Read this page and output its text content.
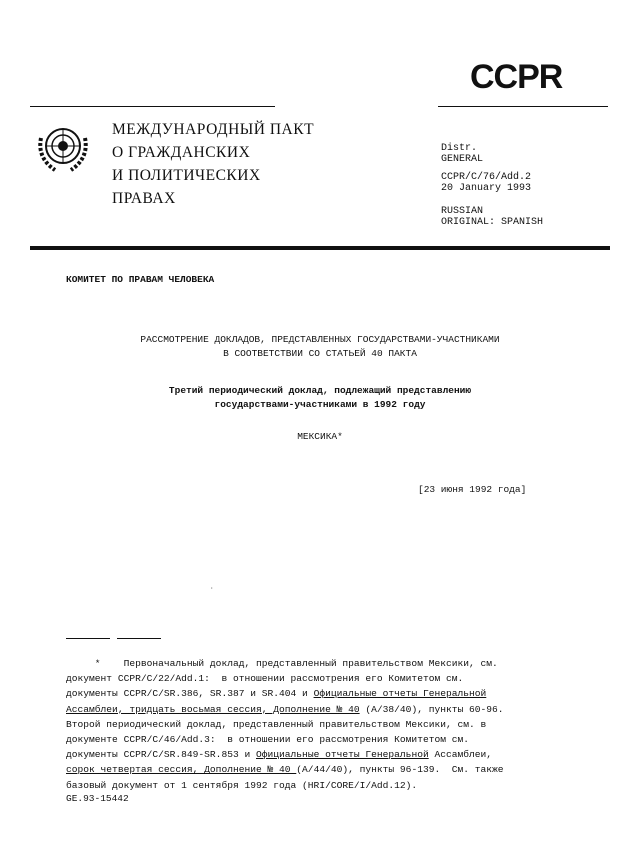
CCPR
МЕЖДУНАРОДНЫЙ ПАКТ
О ГРАЖДАНСКИХ
И ПОЛИТИЧЕСКИХ
ПРАВАХ
Distr.
GENERAL
CCPR/C/76/Add.2
20 January 1993
RUSSIAN
ORIGINAL: SPANISH
КОМИТЕТ ПО ПРАВАМ ЧЕЛОВЕКА
РАССМОТРЕНИЕ ДОКЛАДОВ, ПРЕДСТАВЛЕННЫХ ГОСУДАРСТВАМИ-УЧАСТНИКАМИ
В СООТВЕТСТВИИ СО СТАТЬЕЙ 40 ПАКТА
Третий периодический доклад, подлежащий представлению
государствами-участниками в 1992 году
МЕКСИКА*
[23 июня 1992 года]
·
*    Первоначальный доклад, представленный правительством Мексики, см.
документ CCPR/C/22/Add.1:  в отношении рассмотрения его Комитетом см.
документы CCPR/C/SR.386, SR.387 и SR.404 и Официальные отчеты Генеральной
Ассамблеи, тридцать восьмая сессия, Дополнение № 40 (A/38/40), пункты 60-96.
Второй периодический доклад, представленный правительством Мексики, см. в
документе CCPR/C/46/Add.3:  в отношении его рассмотрения Комитетом см.
документы CCPR/C/SR.849-SR.853 и Официальные отчеты Генеральной Ассамблеи,
сорок четвертая сессия, Дополнение № 40 (A/44/40), пункты 96-139.  См. также
базовый документ от 1 сентября 1992 года (HRI/CORE/I/Add.12).
GE.93-15442
